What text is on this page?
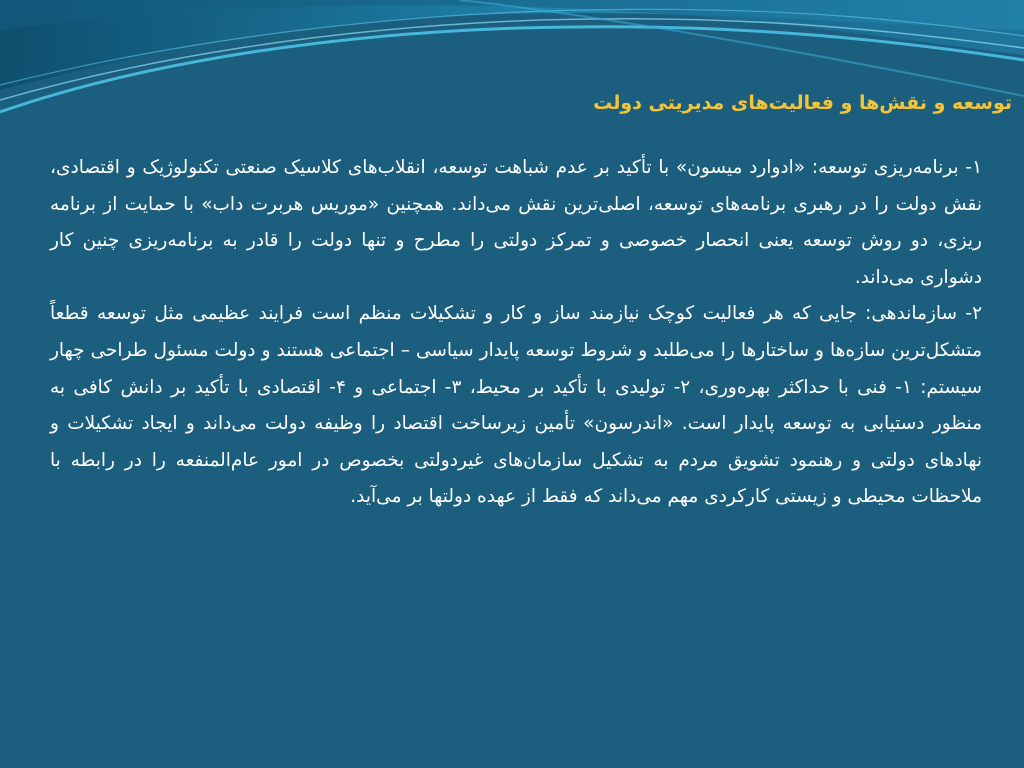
توسعه و نقش‌ها و فعالیت‌های مدیریتی دولت

۱- برنامه‌ریزی توسعه: «ادوارد میسون» با تأکید بر عدم شباهت توسعه، انقلاب‌های کلاسیک صنعتی تکنولوژیک و اقتصادی، نقش دولت را در رهبری برنامه‌های توسعه، اصلی‌ترین نقش می‌داند. همچنین «موریس هربرت داب» با حمایت از برنامه ریزی، دو روش توسعه یعنی انحصار خصوصی و تمرکز دولتی را مطرح و تنها دولت را قادر به برنامه‌ریزی چنین کار دشواری می‌داند.

۲- سازماندهی: جایی که هر فعالیت کوچک نیازمند ساز و کار و تشکیلات منظم است فرایند عظیمی مثل توسعه قطعاً متشکل‌ترین سازه‌ها و ساختارها را می‌طلبد و شروط توسعه پایدار سیاسی – اجتماعی هستند و دولت مسئول طراحی چهار سیستم: ۱- فنی با حداکثر بهره‌وری، ۲- تولیدی با تأکید بر محیط، ۳- اجتماعی و ۴- اقتصادی با تأکید بر دانش کافی به منظور دستیابی به توسعه پایدار است. «اندرسون» تأمین زیرساخت اقتصاد را وظیفه دولت می‌داند و ایجاد تشکیلات و نهادهای دولتی و رهنمود تشویق مردم به تشکیل سازمان‌های غیردولتی بخصوص در امور عام‌المنفعه را در رابطه با ملاحظات محیطی و زیستی کارکردی مهم می‌داند که فقط از عهده دولتها بر می‌آید.
